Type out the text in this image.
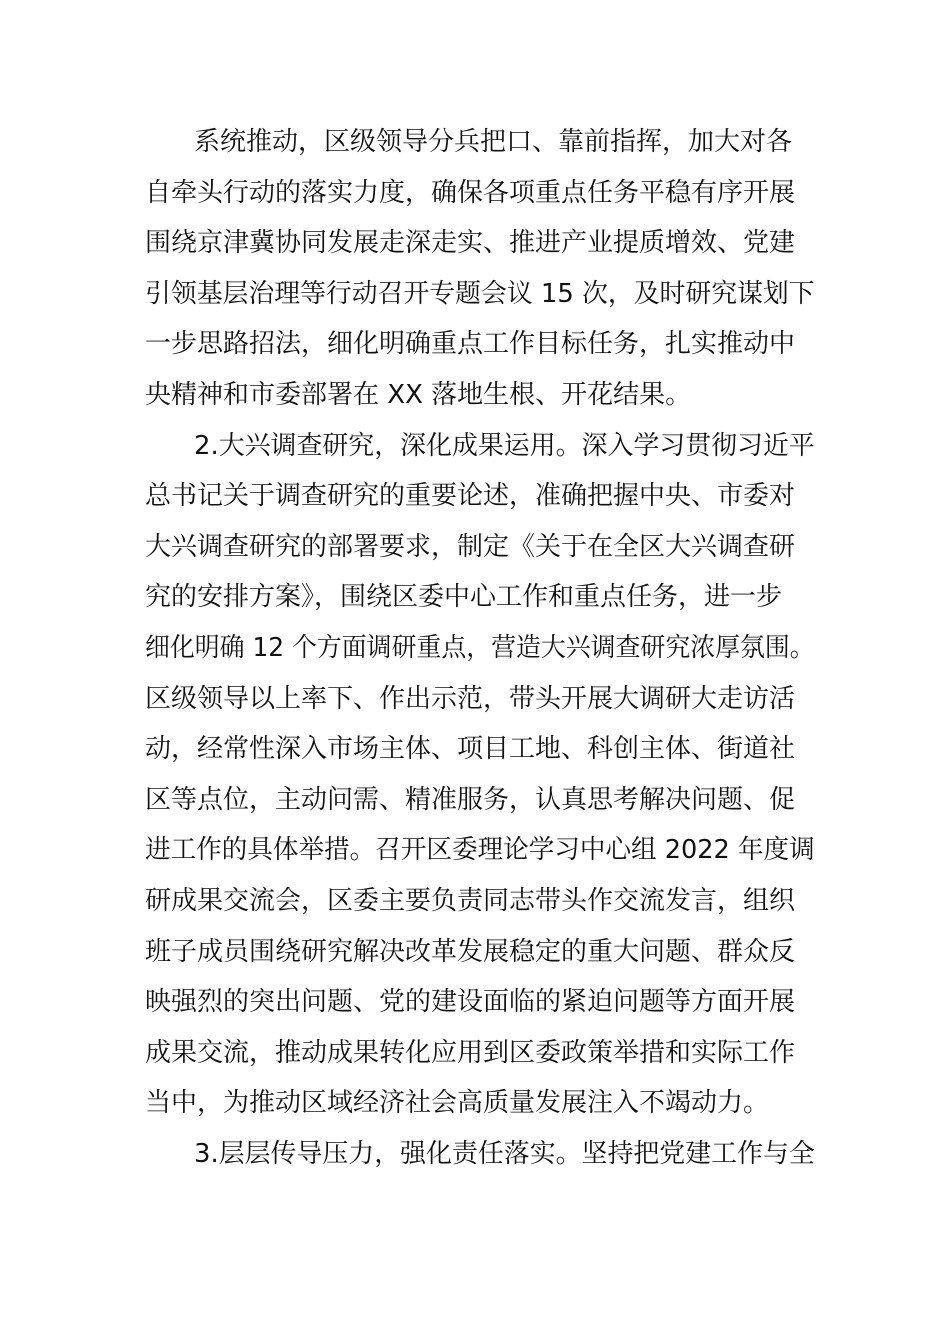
系统推动，区级领导分兵把口、靠前指挥，加大对各
自牵头行动的落实力度，确保各项重点任务平稳有序开展
围绕京津冀协同发展走深走实、推进产业提质增效、党建
引领基层治理等行动召开专题会议 15 次，及时研究谋划下
一步思路招法，细化明确重点工作目标任务，扎实推动中
央精神和市委部署在 XX 落地生根、开花结果。
2.大兴调查研究，深化成果运用。深入学习贯彻习近平
总书记关于调查研究的重要论述，准确把握中央、市委对
大兴调查研究的部署要求，制定《关于在全区大兴调查研
究的安排方案》，围绕区委中心工作和重点任务，进一步
细化明确 12 个方面调研重点，营造大兴调查研究浓厚氛围。
区级领导以上率下、作出示范，带头开展大调研大走访活
动，经常性深入市场主体、项目工地、科创主体、街道社
区等点位，主动问需、精准服务，认真思考解决问题、促
进工作的具体举措。召开区委理论学习中心组 2022 年度调
研成果交流会，区委主要负责同志带头作交流发言，组织
班子成员围绕研究解决改革发展稳定的重大问题、群众反
映强烈的突出问题、党的建设面临的紧迫问题等方面开展
成果交流，推动成果转化应用到区委政策举措和实际工作
当中，为推动区域经济社会高质量发展注入不竭动力。
3.层层传导压力，强化责任落实。坚持把党建工作与全
